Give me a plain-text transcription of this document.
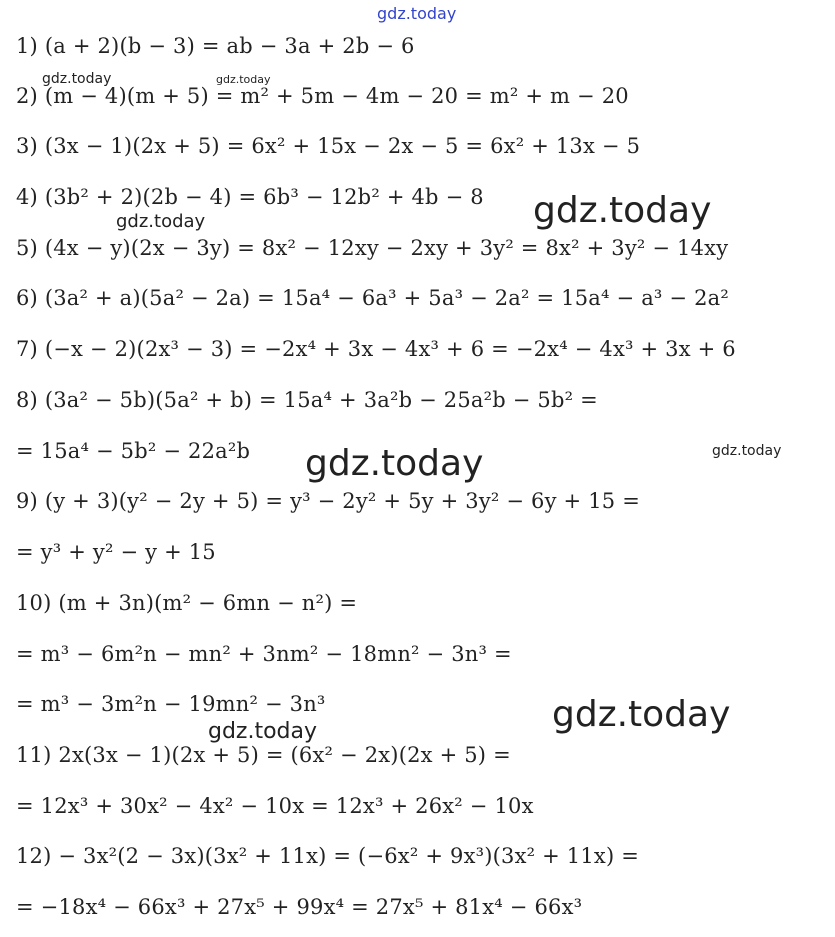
1) (a + 2)(b − 3) = ab − 3a + 2b − 6
2) (m − 4)(m + 5) = m² + 5m − 4m − 20 = m² + m − 20
3) (3x − 1)(2x + 5) = 6x² + 15x − 2x − 5 = 6x² + 13x − 5
4) (3b² + 2)(2b − 4) = 6b³ − 12b² + 4b − 8
5) (4x − y)(2x − 3y) = 8x² − 12xy − 2xy + 3y² = 8x² + 3y² − 14xy
6) (3a² + a)(5a² − 2a) = 15a⁴ − 6a³ + 5a³ − 2a² = 15a⁴ − a³ − 2a²
7) (−x − 2)(2x³ − 3) = −2x⁴ + 3x − 4x³ + 6 = −2x⁴ − 4x³ + 3x + 6
8) (3a² − 5b)(5a² + b) = 15a⁴ + 3a²b − 25a²b − 5b² =
= 15a⁴ − 5b² − 22a²b
9) (y + 3)(y² − 2y + 5) = y³ − 2y² + 5y + 3y² − 6y + 15 =
= y³ + y² − y + 15
10) (m + 3n)(m² − 6mn − n²) =
= m³ − 6m²n − mn² + 3nm² − 18mn² − 3n³ =
= m³ − 3m²n − 19mn² − 3n³
11) 2x(3x − 1)(2x + 5) = (6x² − 2x)(2x + 5) =
= 12x³ + 30x² − 4x² − 10x = 12x³ + 26x² − 10x
12) − 3x²(2 − 3x)(3x² + 11x) = (−6x² + 9x³)(3x² + 11x) =
= −18x⁴ − 66x³ + 27x⁵ + 99x⁴ = 27x⁵ + 81x⁴ − 66x³
gdz.today
gdz.today	gdz.today
gdz.today
gdz.today
gdz.today	gdz.today
gdz.today
gdz.today
